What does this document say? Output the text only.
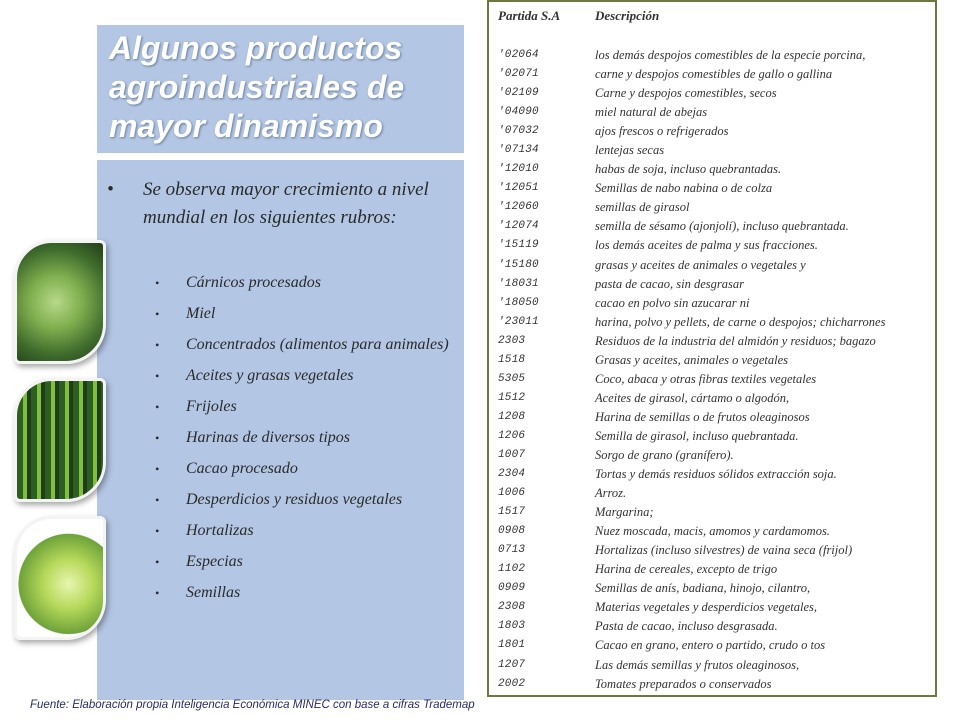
Algunos productos agroindustriales de mayor dinamismo
• Se observa mayor crecimiento a nivel mundial en los siguientes rubros:
• Cárnicos procesados
• Miel
• Concentrados (alimentos para animales)
• Aceites y grasas vegetales
• Frijoles
• Harinas de diversos tipos
• Cacao procesado
• Desperdicios y residuos vegetales
• Hortalizas
• Especias
• Semillas
Partida S.A	Descripción
'02064	los demás despojos comestibles de la especie porcina,
'02071	carne y despojos comestibles de gallo o gallina
'02109	Carne y despojos comestibles, secos
'04090	miel natural de abejas
'07032	ajos frescos o refrigerados
'07134	lentejas secas
'12010	habas de soja, incluso quebrantadas.
'12051	Semillas de nabo nabina o de colza
'12060	semillas de girasol
'12074	semilla de sésamo (ajonjolí), incluso quebrantada.
'15119	los demás aceites de palma y sus fracciones.
'15180	grasas y aceites de animales o vegetales y
'18031	pasta de cacao, sin desgrasar
'18050	cacao en polvo sin azucarar ni
'23011	harina, polvo y pellets, de carne o despojos; chicharrones
2303	Residuos de la industria del almidón y residuos; bagazo
1518	Grasas y aceites, animales o vegetales
5305	Coco, abaca y otras fibras textiles vegetales
1512	Aceites de girasol, cártamo o algodón,
1208	Harina de semillas o de frutos oleaginosos
1206	Semilla de girasol, incluso quebrantada.
1007	Sorgo de grano (granífero).
2304	Tortas y demás residuos sólidos extracción soja.
1006	Arroz.
1517	Margarina;
0908	Nuez moscada, macis, amomos y cardamomos.
0713	Hortalizas (incluso silvestres) de vaina seca (frijol)
1102	Harina de cereales, excepto de trigo
0909	Semillas de anís, badiana, hinojo, cilantro,
2308	Materias vegetales y desperdicios vegetales,
1803	Pasta de cacao, incluso desgrasada.
1801	Cacao en grano, entero o partido, crudo o tos
1207	Las demás semillas y frutos oleaginosos,
2002	Tomates preparados o conservados
Fuente: Elaboración propia Inteligencia Económica MINEC con base a cifras Trademap
